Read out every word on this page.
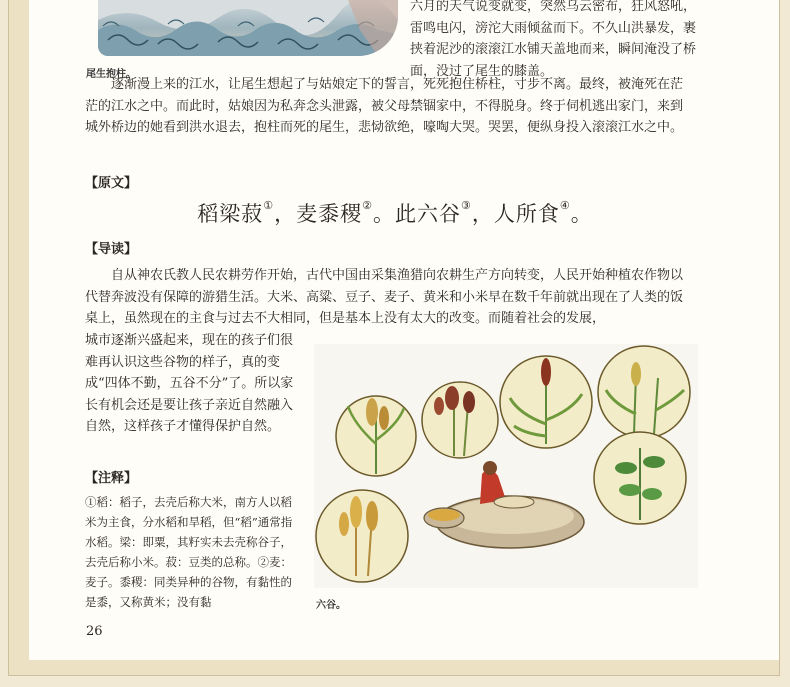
尾生抱柱。
六月的天气说变就变，突然乌云密布，狂风怒吼，雷鸣电闪，滂沱大雨倾盆而下。不久山洪暴发，裹挟着泥沙的滚滚江水铺天盖地而来，瞬间淹没了桥面，没过了尾生的膝盖。
逐渐漫上来的江水，让尾生想起了与姑娘定下的誓言，死死抱住桥柱，寸步不离。最终，被淹死在茫茫的江水之中。而此时，姑娘因为私奔念头泄露，被父母禁锢家中，不得脱身。终于伺机逃出家门，来到城外桥边的她看到洪水退去，抱柱而死的尾生，悲恸欲绝，嚎啕大哭。哭罢，便纵身投入滚滚江水之中。
【原文】
稻梁菽①，麦黍稷②。此六谷③，人所食④。
【导读】
自从神农氏教人民农耕劳作开始，古代中国由采集渔猎向农耕生产方向转变，人民开始种植农作物以代替奔波没有保障的游猎生活。大米、高粱、豆子、麦子、黄米和小米早在数千年前就出现在了人类的饭桌上，虽然现在的主食与过去不大相同，但是基本上没有太大的改变。而随着社会的发展，
城市逐渐兴盛起来，现在的孩子们很难再认识这些谷物的样子，真的变成“四体不勤，五谷不分”了。所以家长有机会还是要让孩子亲近自然融入自然，这样孩子才懂得保护自然。
【注释】
①稻：稻子，去壳后称大米，南方人以稻米为主食，分水稻和旱稻，但“稻”通常指水稻。梁：即粟，其籽实未去壳称谷子，去壳后称小米。菽：豆类的总称。②麦：麦子。黍稷：同类异种的谷物，有黏性的是黍，又称黄米；没有黏	六谷。
26
